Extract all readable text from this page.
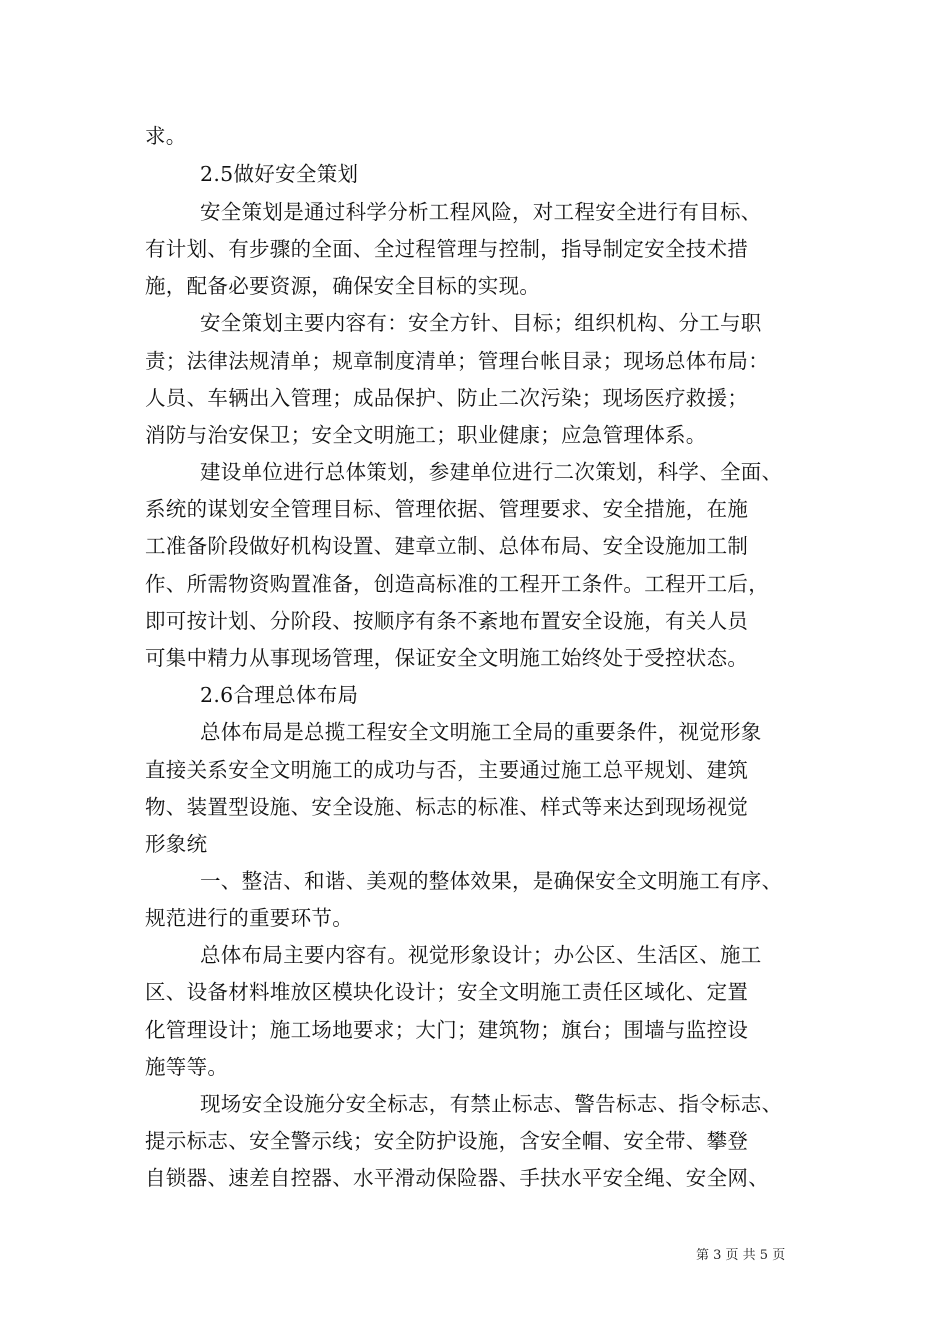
求。
2.5做好安全策划
安全策划是通过科学分析工程风险，对工程安全进行有目标、
有计划、有步骤的全面、全过程管理与控制，指导制定安全技术措
施，配备必要资源，确保安全目标的实现。
安全策划主要内容有：安全方针、目标；组织机构、分工与职
责；法律法规清单；规章制度清单；管理台帐目录；现场总体布局：
人员、车辆出入管理；成品保护、防止二次污染；现场医疗救援；
消防与治安保卫；安全文明施工；职业健康；应急管理体系。
建设单位进行总体策划，参建单位进行二次策划，科学、全面、
系统的谋划安全管理目标、管理依据、管理要求、安全措施，在施
工准备阶段做好机构设置、建章立制、总体布局、安全设施加工制
作、所需物资购置准备，创造高标准的工程开工条件。工程开工后，
即可按计划、分阶段、按顺序有条不紊地布置安全设施，有关人员
可集中精力从事现场管理，保证安全文明施工始终处于受控状态。
2.6合理总体布局
总体布局是总揽工程安全文明施工全局的重要条件，视觉形象
直接关系安全文明施工的成功与否，主要通过施工总平规划、建筑
物、装置型设施、安全设施、标志的标准、样式等来达到现场视觉
形象统
一、整洁、和谐、美观的整体效果，是确保安全文明施工有序、
规范进行的重要环节。
总体布局主要内容有。视觉形象设计；办公区、生活区、施工
区、设备材料堆放区模块化设计；安全文明施工责任区域化、定置
化管理设计；施工场地要求；大门；建筑物；旗台；围墙与监控设
施等等。
现场安全设施分安全标志，有禁止标志、警告标志、指令标志、
提示标志、安全警示线；安全防护设施，含安全帽、安全带、攀登
自锁器、速差自控器、水平滑动保险器、手扶水平安全绳、安全网、
第 3 页 共 5 页
